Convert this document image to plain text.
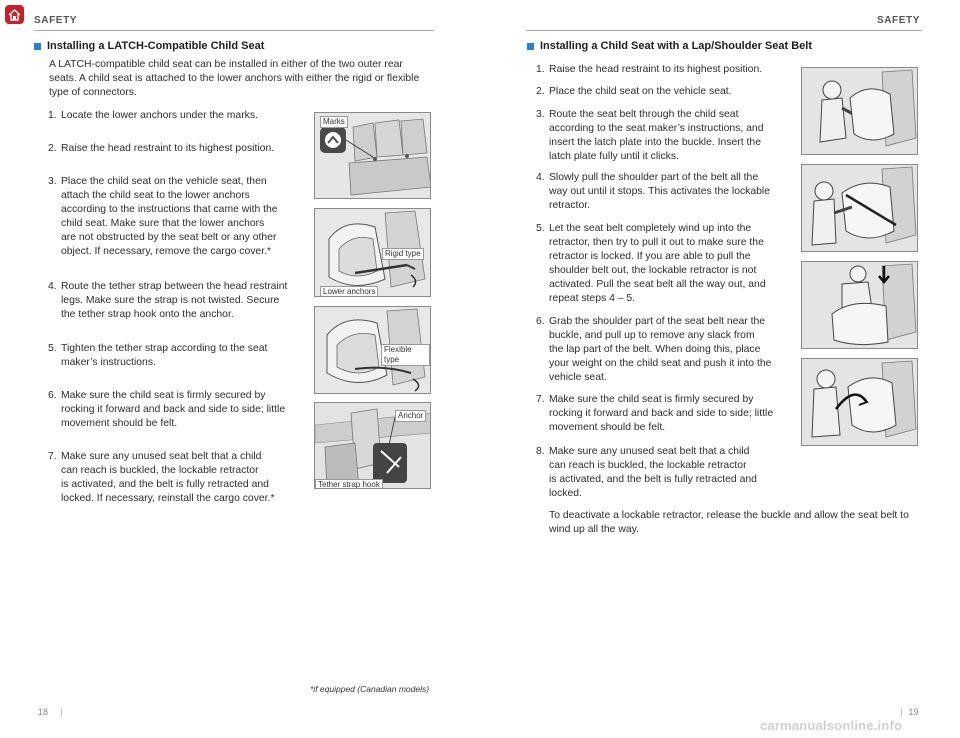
SAFETY	SAFETY
Installing a LATCH-Compatible Child Seat
A LATCH-compatible child seat can be installed in either of the two outer rear
seats. A child seat is attached to the lower anchors with either the rigid or flexible
type of connectors.
1. Locate the lower anchors under the marks.
2. Raise the head restraint to its highest position.
3. Place the child seat on the vehicle seat, then
attach the child seat to the lower anchors
according to the instructions that came with the
child seat. Make sure that the lower anchors
are not obstructed by the seat belt or any other
object. If necessary, remove the cargo cover.*
4. Route the tether strap between the head restraint
legs. Make sure the strap is not twisted. Secure
the tether strap hook onto the anchor.
5. Tighten the tether strap according to the seat
maker’s instructions.
6. Make sure the child seat is firmly secured by
rocking it forward and back and side to side; little
movement should be felt.
7. Make sure any unused seat belt that a child
can reach is buckled, the lockable retractor
is activated, and the belt is fully retracted and
locked. If necessary, reinstall the cargo cover.*
Marks
Rigid type
Lower anchors
Flexible type
Anchor
Tether strap hook
*if equipped (Canadian models)
18 |
Installing a Child Seat with a Lap/Shoulder Seat Belt
1. Raise the head restraint to its highest position.
2. Place the child seat on the vehicle seat.
3. Route the seat belt through the child seat
according to the seat maker’s instructions, and
insert the latch plate into the buckle. Insert the
latch plate fully until it clicks.
4. Slowly pull the shoulder part of the belt all the
way out until it stops. This activates the lockable
retractor.
5. Let the seat belt completely wind up into the
retractor, then try to pull it out to make sure the
retractor is locked. If you are able to pull the
shoulder belt out, the lockable retractor is not
activated. Pull the seat belt all the way out, and
repeat steps 4 – 5.
6. Grab the shoulder part of the seat belt near the
buckle, and pull up to remove any slack from
the lap part of the belt. When doing this, place
your weight on the child seat and push it into the
vehicle seat.
7. Make sure the child seat is firmly secured by
rocking it forward and back and side to side; little
movement should be felt.
8. Make sure any unused seat belt that a child
can reach is buckled, the lockable retractor
is activated, and the belt is fully retracted and
locked.
To deactivate a lockable retractor, release the buckle and allow the seat belt to
wind up all the way.
| 19
carmanualsonline.info
